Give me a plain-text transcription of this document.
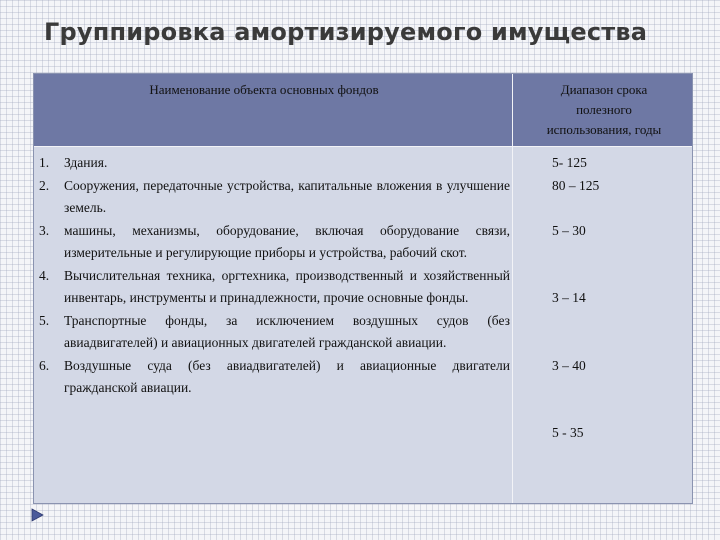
Группировка амортизируемого имущества
Наименование объекта основных фондов	Диапазон срока
полезного
использования, годы
1. Здания.
2. Сооружения, передаточные устройства, капитальные вложения в улучшение земель.
3. машины, механизмы, оборудование, включая оборудование связи, измерительные и регулирующие приборы и устройства, рабочий скот.
4. Вычислительная техника, оргтехника, производственный и хозяйственный инвентарь, инструменты и принадлежности, прочие основные фонды.
5. Транспортные фонды, за исключением воздушных судов (без авиадвигателей) и авиационных двигателей гражданской авиации.
6. Воздушные суда (без авиадвигателей) и авиационные двигатели гражданской авиации.
5- 125
80 – 125
5 – 30
3 – 14
3 – 40
5 - 35
